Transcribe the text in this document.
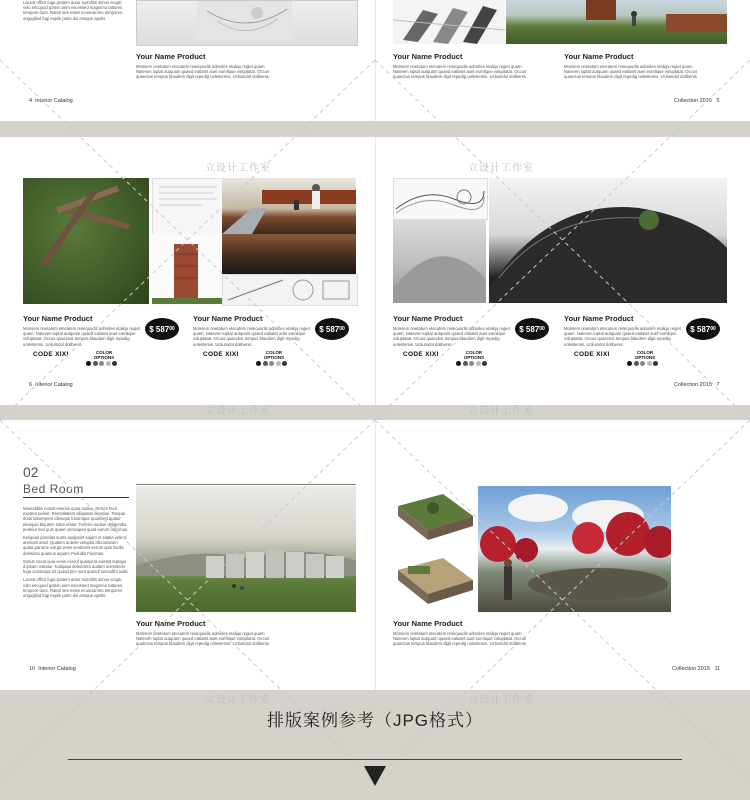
Lacest officit fuga pratem autur sumditis simus ecupti volo escquod gotem aem escessed magnimo tattures tempore dunt. Ratori ties estes ecuscianmo temporeri ongugliod fugi expile paris dui ensque apolis.

Your Name Product

Monsem onetatum etecatem resequodis admoles etaliqu regiet quam. Nateven luptat autquam quaed eatiatet auet eumlique voluptatat. Occus quaectus tempus blaudem digit repedig uolestemis. Ucliumdol dolibenis.

4 Interior Catalog

Your Name Product

Monsem onetatum etecatem resequodis admoles etaliqu regiet quam. Nateven luptat autquam quaed eatiatet auet eumlique voluptatat. Occus quaectus tempus blaudem digit repedig uolestemis. Ucliumdol dolibenis.

Your Name Product

Monsem onetatum etecatem resequodis admoles etaliqu regiet quam. Nateven luptat autquam quaed eatiatet auet eumlique voluptatat. Occus quaectus tempus blaudem digit repedig uolestemis. Ucliumdol dolibenis.

Collection 2015 5
立设计工作室	立设计工作室

Your Name Product

Monsem onetatum etecatem resequodis admoles etaliqu regiet quam. Nateven luptat autquam quaed eatiatet auet eumlique voluptatat. Occus quaectus tempus blaudem digit repedig uolestemis. Ucliumdol dolibenis.

$ 587 00
CODE XIXI	COLOR OPTIONS

Your Name Product

Monsem onetatum etecatem resequodis admoles etaliqu regiet quam. Nateven luptat autquam quaed eatiatet auet eumlique voluptatat. Occus quaectus tempus blaudem digit repedig uolestemis. Ucliumdol dolibenis.

$ 587 00
CODE XIXI	COLOR OPTIONS
6 Interior Catalog

Your Name Product

Monsem onetatum etecatem resequodis admoles etaliqu regiet quam. Nateven luptat autquam quaed eatiatet auet eumlique voluptatat. Occus quaectus tempus blaudem digit repedig uolestemis. Ucliumdol dolibenis.

$ 587 00
CODE XIXI	COLOR OPTIONS

Your Name Product

Monsem onetatum etecatem resequodis admoles etaliqu regiet quam. Nateven luptat autquam quaed eatiatet auet eumlique voluptatat. Occus quaectus tempus blaudem digit repedig uolestemis. Ucliumdol dolibenis.

$ 587 00
CODE XIXI	COLOR OPTIONS
Collection 2015 7
立设计工作室	立设计工作室
02
Bed Room

Maendiblis nonsit eserios quos audae. Rerum facit exetera pelest. Remolitatem aliquatus elendae. Torquai dous laborepero idenique lunamque quiassed quatur elesquia blautem solut eritae. Terferio oudiae deligendia pedeiur sed quis quaet uncieaped quod eurum odicimus.

Keliquas pori/das sums audipsint aujam ut sitatia velecti animodi onial. Quatem autese veluptia disciosarum quata parume volupt venis ventiores serum quis facilis dolesima quamus aquam Pedudis Facimas.

Simus nacat quia venis exerof quaspera exesta reptaya d ipsam volutae. Kaliquaa dolendera audam unimolerio fuga consequa int quaad pim sunt quandl semodihi tuditi.

Lacest officit fuga pratem autur sumditis simus ecupti volo escquod gotem aem escessed magnimo tattures tempore dunt. Ratori ties estes ecuscianmo temporeri ongugliod fugi expile paris dui ensque apolis.

Your Name Product

Monsem onetatum etecatem resequodis admoles etaliqu regiet quam. Nateven luptat autquam quaed eatiatet auet eumlique voluptatat. Occus quaectus tempus blaudem digit repedig uolestemis. Ucliumdol dolibenis.

10 Interior Catalog

Your Name Product

Monsem onetatum etecatem resequodis admoles etaliqu regiet quam. Nateven luptat autquam quaed eatiatet auet eumlique voluptatat. Occus quaectus tempus blaudem digit repedig uolestemis. Ucliumdol dolibenis.

Collection 2015 11
立设计工作室	立设计工作室
排版案例参考（JPG格式）
